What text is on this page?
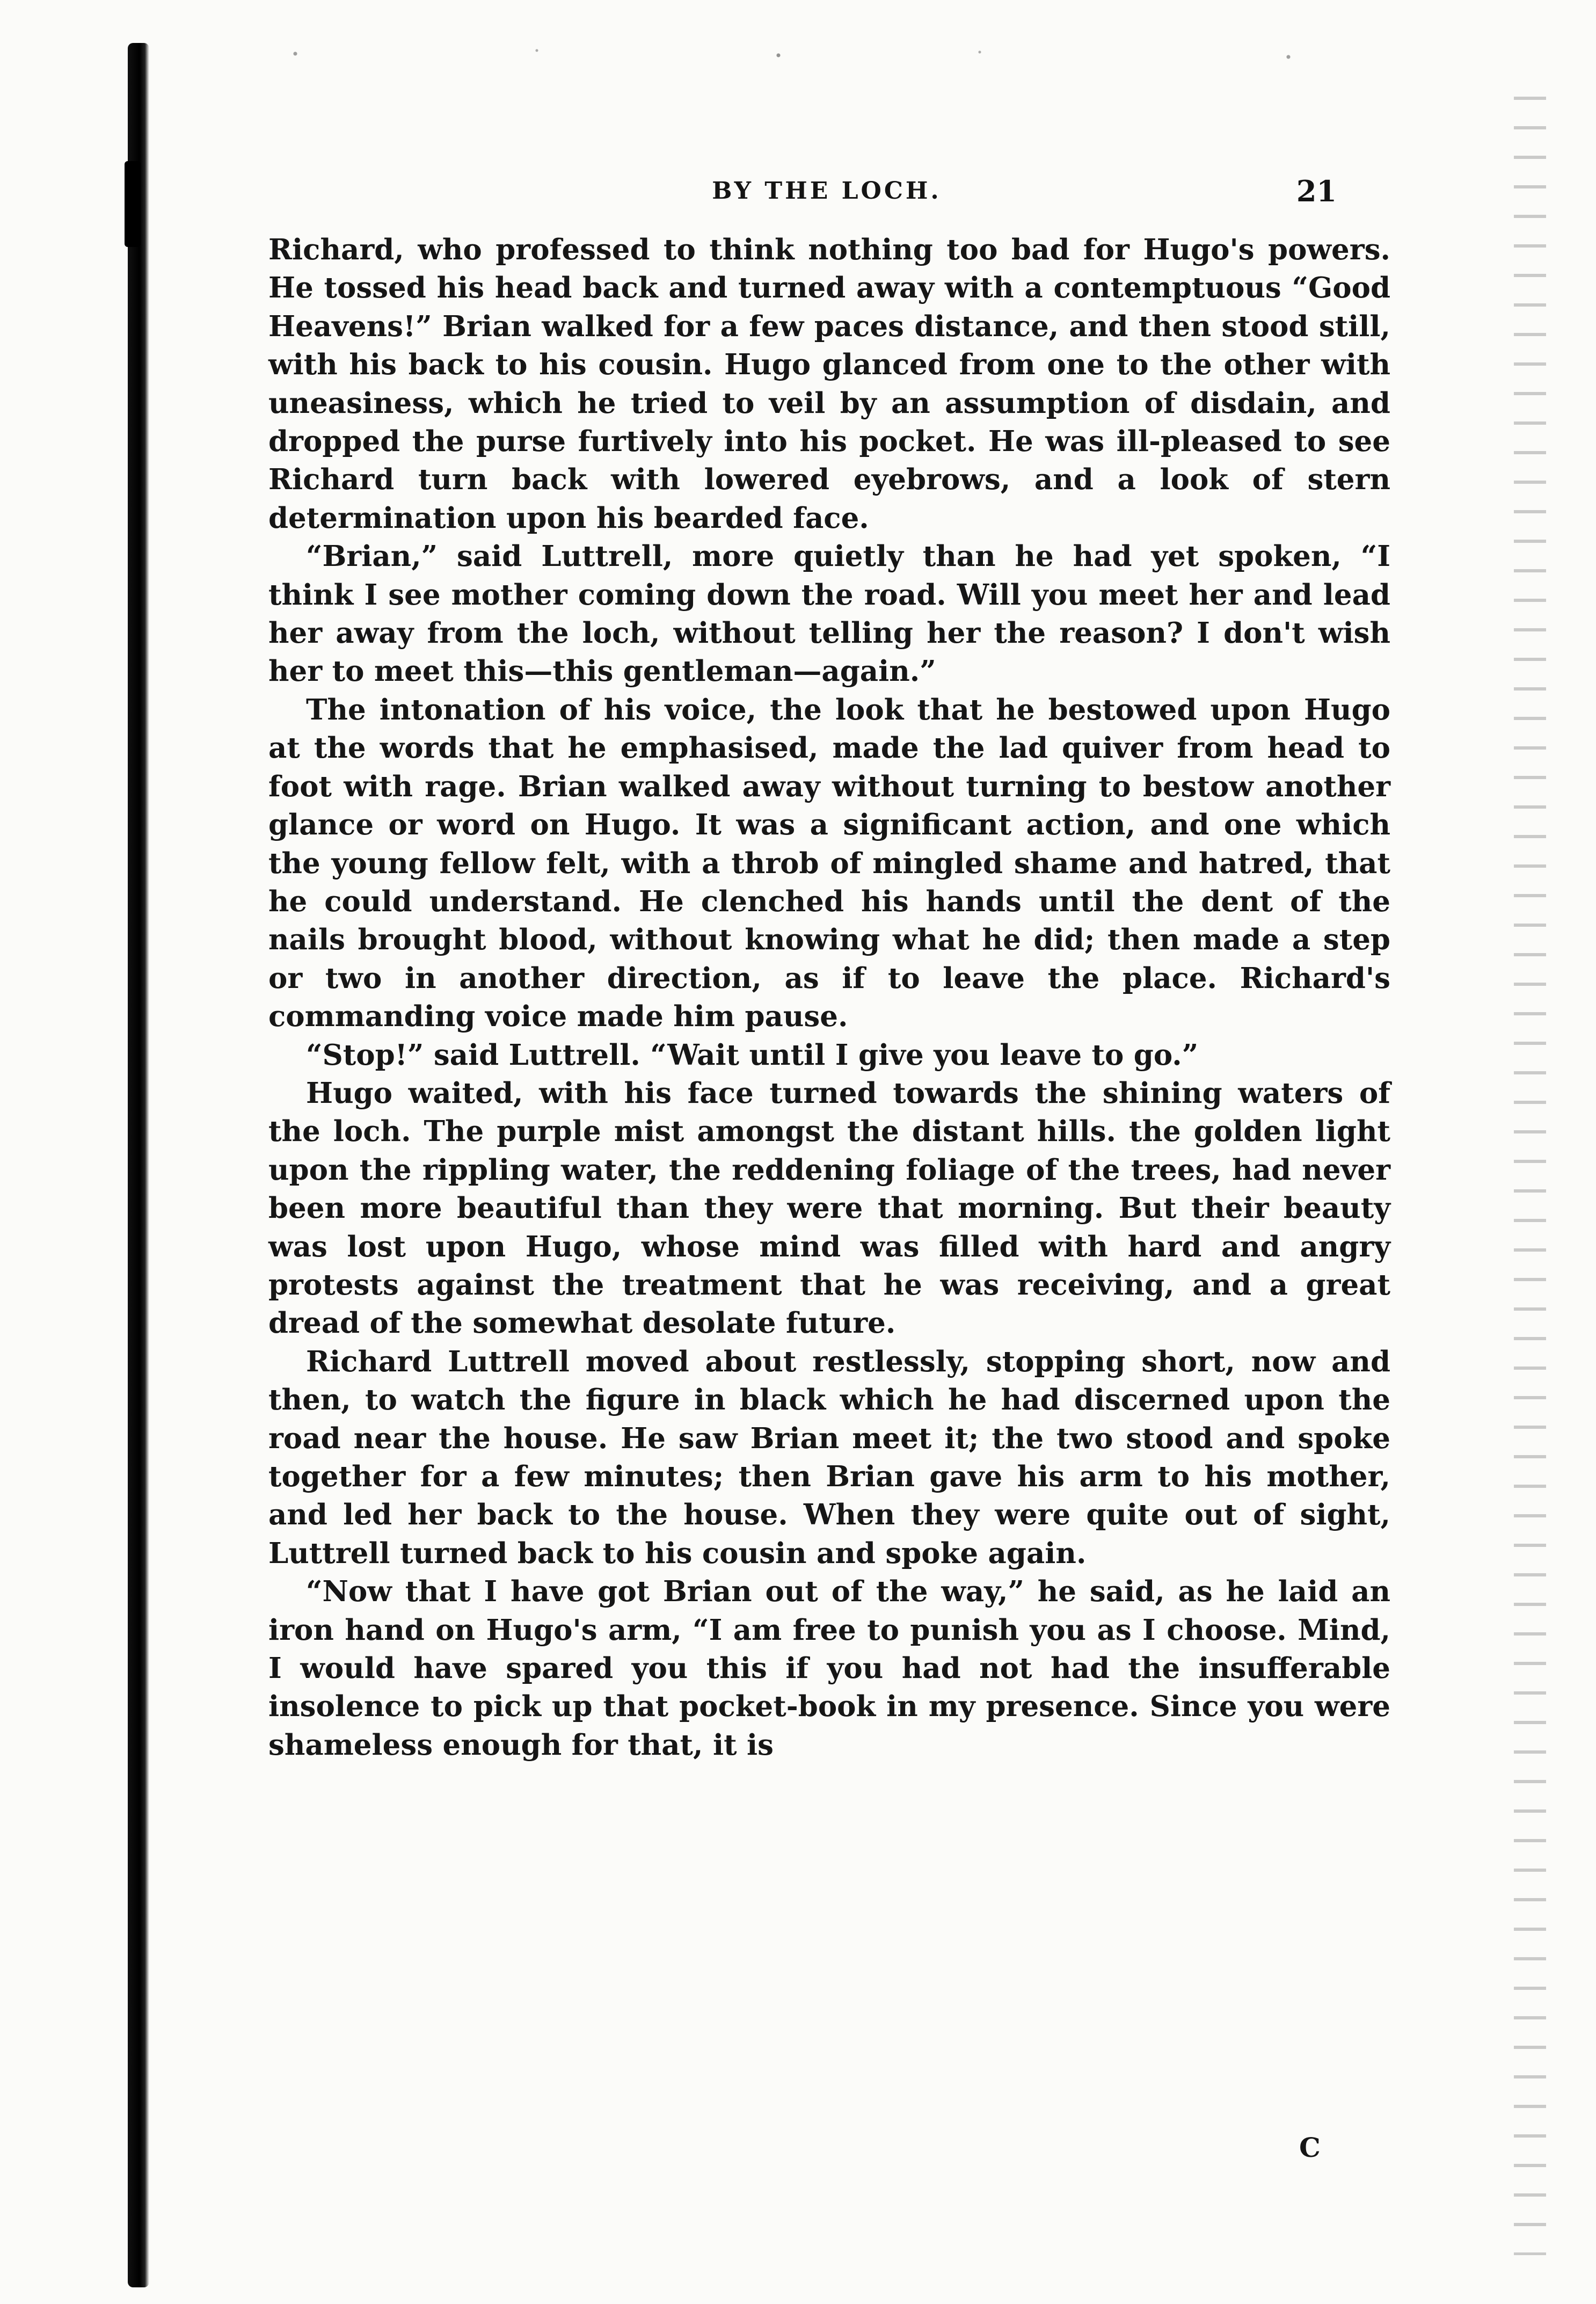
BY THE LOCH.	21

Richard, who professed to think nothing too bad for Hugo's powers. He tossed his head back and turned away with a contemptuous “Good Heavens!” Brian walked for a few paces distance, and then stood still, with his back to his cousin. Hugo glanced from one to the other with uneasiness, which he tried to veil by an assumption of disdain, and dropped the purse furtively into his pocket. He was ill-pleased to see Richard turn back with lowered eyebrows, and a look of stern determination upon his bearded face.

“Brian,” said Luttrell, more quietly than he had yet spoken, “I think I see mother coming down the road. Will you meet her and lead her away from the loch, without telling her the reason? I don't wish her to meet this—this gentleman—again.”

The intonation of his voice, the look that he bestowed upon Hugo at the words that he emphasised, made the lad quiver from head to foot with rage. Brian walked away without turning to bestow another glance or word on Hugo. It was a significant action, and one which the young fellow felt, with a throb of mingled shame and hatred, that he could understand. He clenched his hands until the dent of the nails brought blood, without knowing what he did; then made a step or two in another direction, as if to leave the place. Richard's commanding voice made him pause.

“Stop!” said Luttrell. “Wait until I give you leave to go.”

Hugo waited, with his face turned towards the shining waters of the loch. The purple mist amongst the distant hills. the golden light upon the rippling water, the reddening foliage of the trees, had never been more beautiful than they were that morning. But their beauty was lost upon Hugo, whose mind was filled with hard and angry protests against the treatment that he was receiving, and a great dread of the somewhat desolate future.

Richard Luttrell moved about restlessly, stopping short, now and then, to watch the figure in black which he had discerned upon the road near the house. He saw Brian meet it; the two stood and spoke together for a few minutes; then Brian gave his arm to his mother, and led her back to the house. When they were quite out of sight, Luttrell turned back to his cousin and spoke again.

“Now that I have got Brian out of the way,” he said, as he laid an iron hand on Hugo's arm, “I am free to punish you as I choose. Mind, I would have spared you this if you had not had the insufferable insolence to pick up that pocket-book in my presence. Since you were shameless enough for that, it is

C
